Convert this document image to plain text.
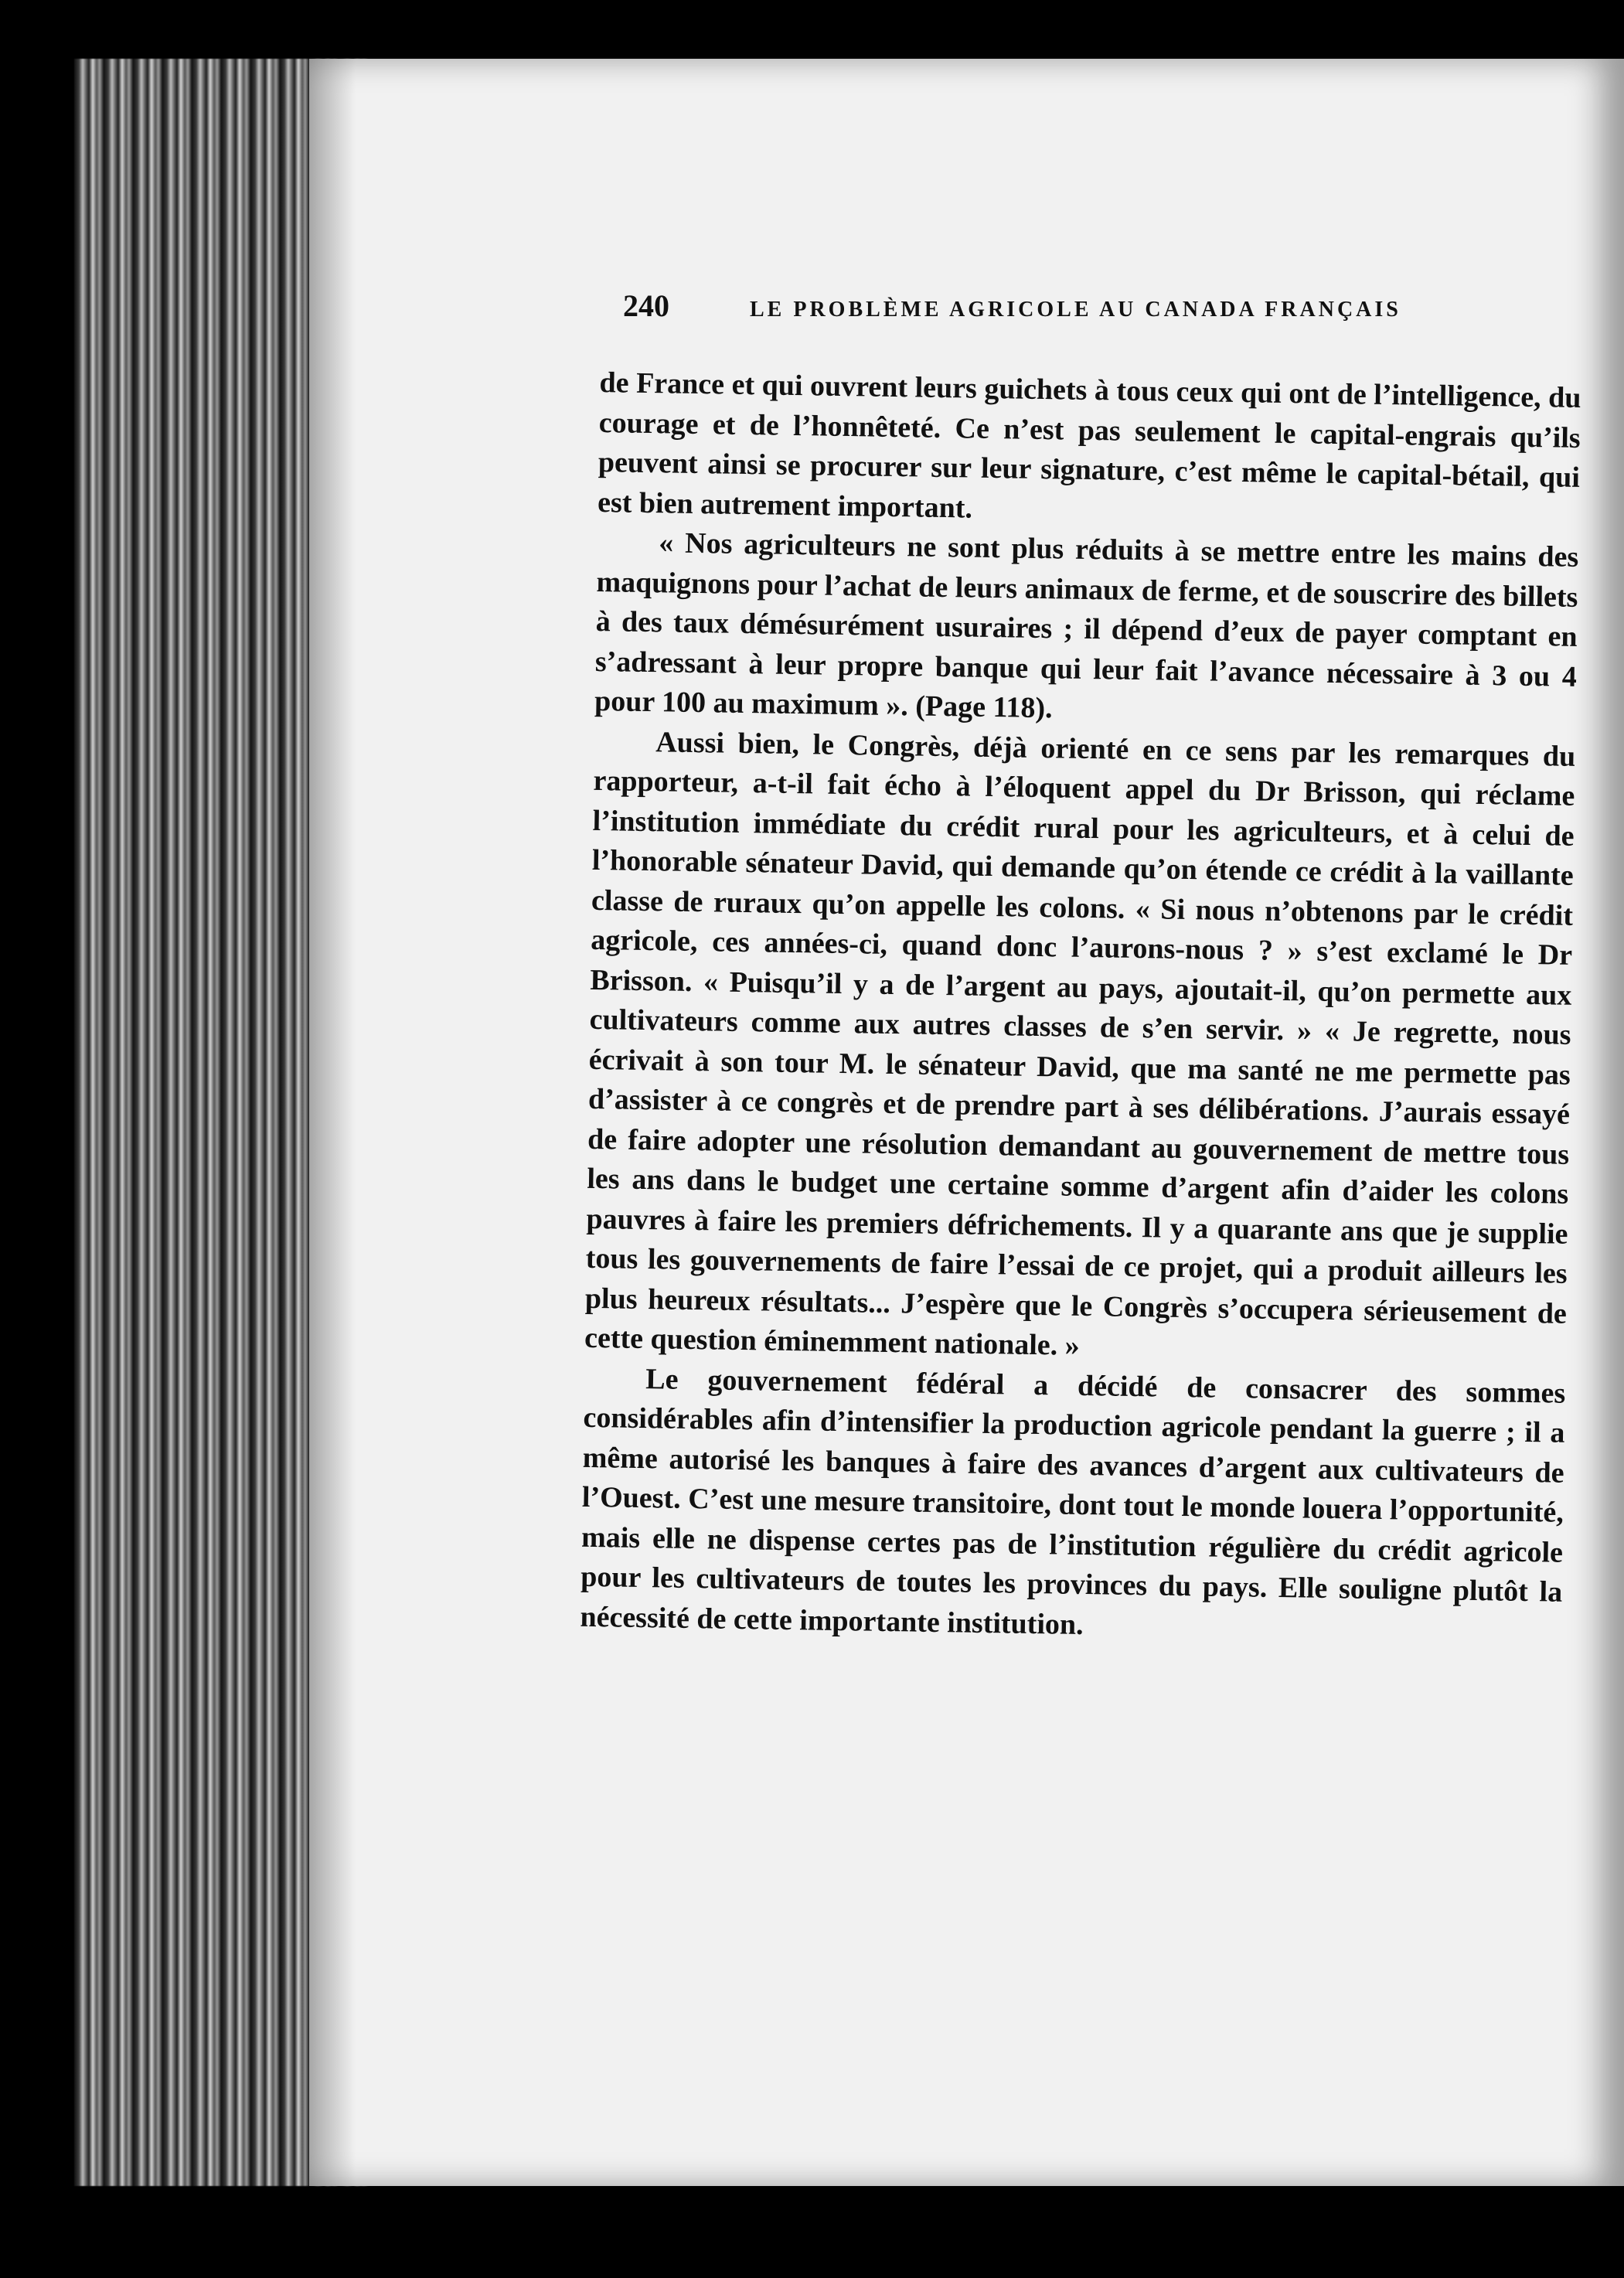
240	LE PROBLÈME AGRICOLE AU CANADA FRANÇAIS

de France et qui ouvrent leurs guichets à tous ceux qui ont de l’intelligence, du courage et de l’honnêteté. Ce n’est pas seulement le capital-engrais qu’ils peuvent ainsi se procurer sur leur signature, c’est même le capital-bétail, qui est bien autrement important.

« Nos agriculteurs ne sont plus réduits à se mettre entre les mains des maquignons pour l’achat de leurs animaux de ferme, et de souscrire des billets à des taux démésurément usuraires ; il dépend d’eux de payer comptant en s’adressant à leur propre banque qui leur fait l’avance nécessaire à 3 ou 4 pour 100 au maximum ». (Page 118).

Aussi bien, le Congrès, déjà orienté en ce sens par les remarques du rapporteur, a-t-il fait écho à l’éloquent appel du Dr Brisson, qui réclame l’institution immédiate du crédit rural pour les agriculteurs, et à celui de l’honorable sénateur David, qui demande qu’on étende ce crédit à la vaillante classe de ruraux qu’on appelle les colons. « Si nous n’obtenons par le crédit agricole, ces années-ci, quand donc l’aurons-nous ? » s’est exclamé le Dr Brisson. « Puisqu’il y a de l’argent au pays, ajoutait-il, qu’on permette aux cultivateurs comme aux autres classes de s’en servir. » « Je regrette, nous écrivait à son tour M. le sénateur David, que ma santé ne me permette pas d’assister à ce congrès et de prendre part à ses délibérations. J’aurais essayé de faire adopter une résolution demandant au gouvernement de mettre tous les ans dans le budget une certaine somme d’argent afin d’aider les colons pauvres à faire les premiers défrichements. Il y a quarante ans que je supplie tous les gouvernements de faire l’essai de ce projet, qui a produit ailleurs les plus heureux résultats... J’espère que le Congrès s’occupera sérieusement de cette question éminemment nationale. »

Le gouvernement fédéral a décidé de consacrer des sommes considérables afin d’intensifier la production agricole pendant la guerre ; il a même autorisé les banques à faire des avances d’argent aux cultivateurs de l’Ouest. C’est une mesure transitoire, dont tout le monde louera l’opportunité, mais elle ne dispense certes pas de l’institution régulière du crédit agricole pour les cultivateurs de toutes les provinces du pays. Elle souligne plutôt la nécessité de cette importante institution.
